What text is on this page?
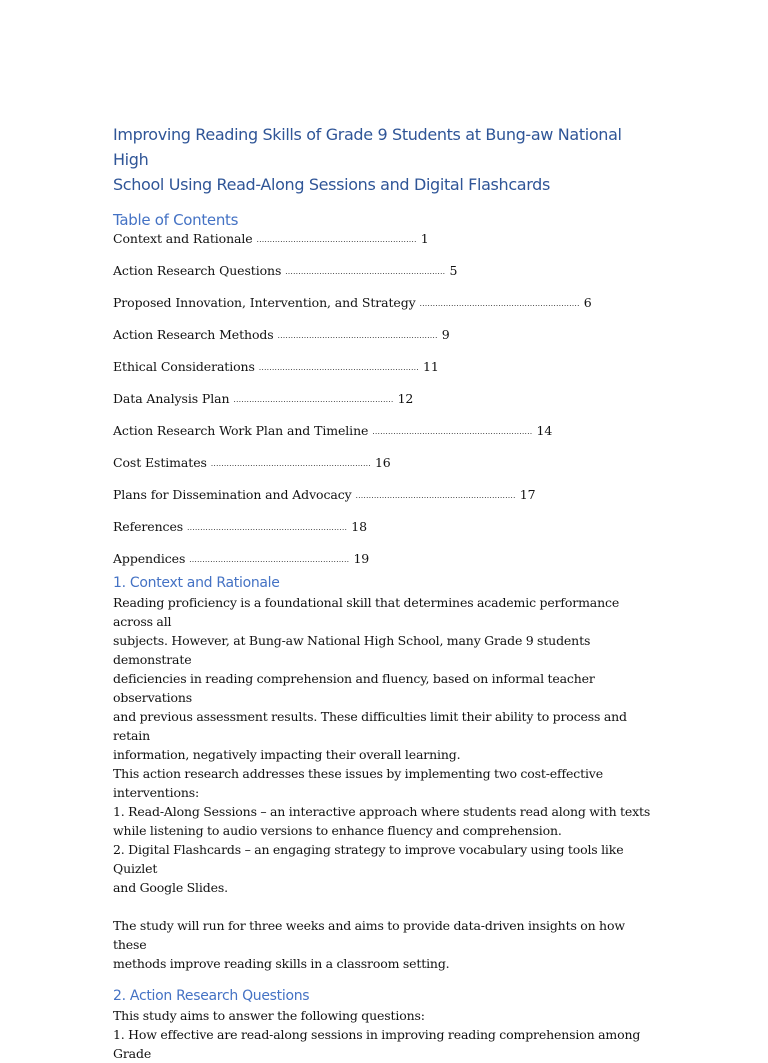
Improving Reading Skills of Grade 9 Students at Bung-aw National High
School Using Read-Along Sessions and Digital Flashcards
Table of Contents
Context and Rationale ............................................................. 1
Action Research Questions ............................................................. 5
Proposed Innovation, Intervention, and Strategy ............................................................. 6
Action Research Methods ............................................................. 9
Ethical Considerations ............................................................. 11
Data Analysis Plan ............................................................. 12
Action Research Work Plan and Timeline ............................................................. 14
Cost Estimates ............................................................. 16
Plans for Dissemination and Advocacy ............................................................. 17
References ............................................................. 18
Appendices ............................................................. 19
1. Context and Rationale

Reading proficiency is a foundational skill that determines academic performance across all
subjects. However, at Bung-aw National High School, many Grade 9 students demonstrate
deficiencies in reading comprehension and fluency, based on informal teacher observations
and previous assessment results. These difficulties limit their ability to process and retain
information, negatively impacting their overall learning.
This action research addresses these issues by implementing two cost-effective
interventions:
1. Read-Along Sessions – an interactive approach where students read along with texts
while listening to audio versions to enhance fluency and comprehension.
2. Digital Flashcards – an engaging strategy to improve vocabulary using tools like Quizlet
and Google Slides.

The study will run for three weeks and aims to provide data-driven insights on how these
methods improve reading skills in a classroom setting.

2. Action Research Questions

This study aims to answer the following questions:
1. How effective are read-along sessions in improving reading comprehension among Grade
